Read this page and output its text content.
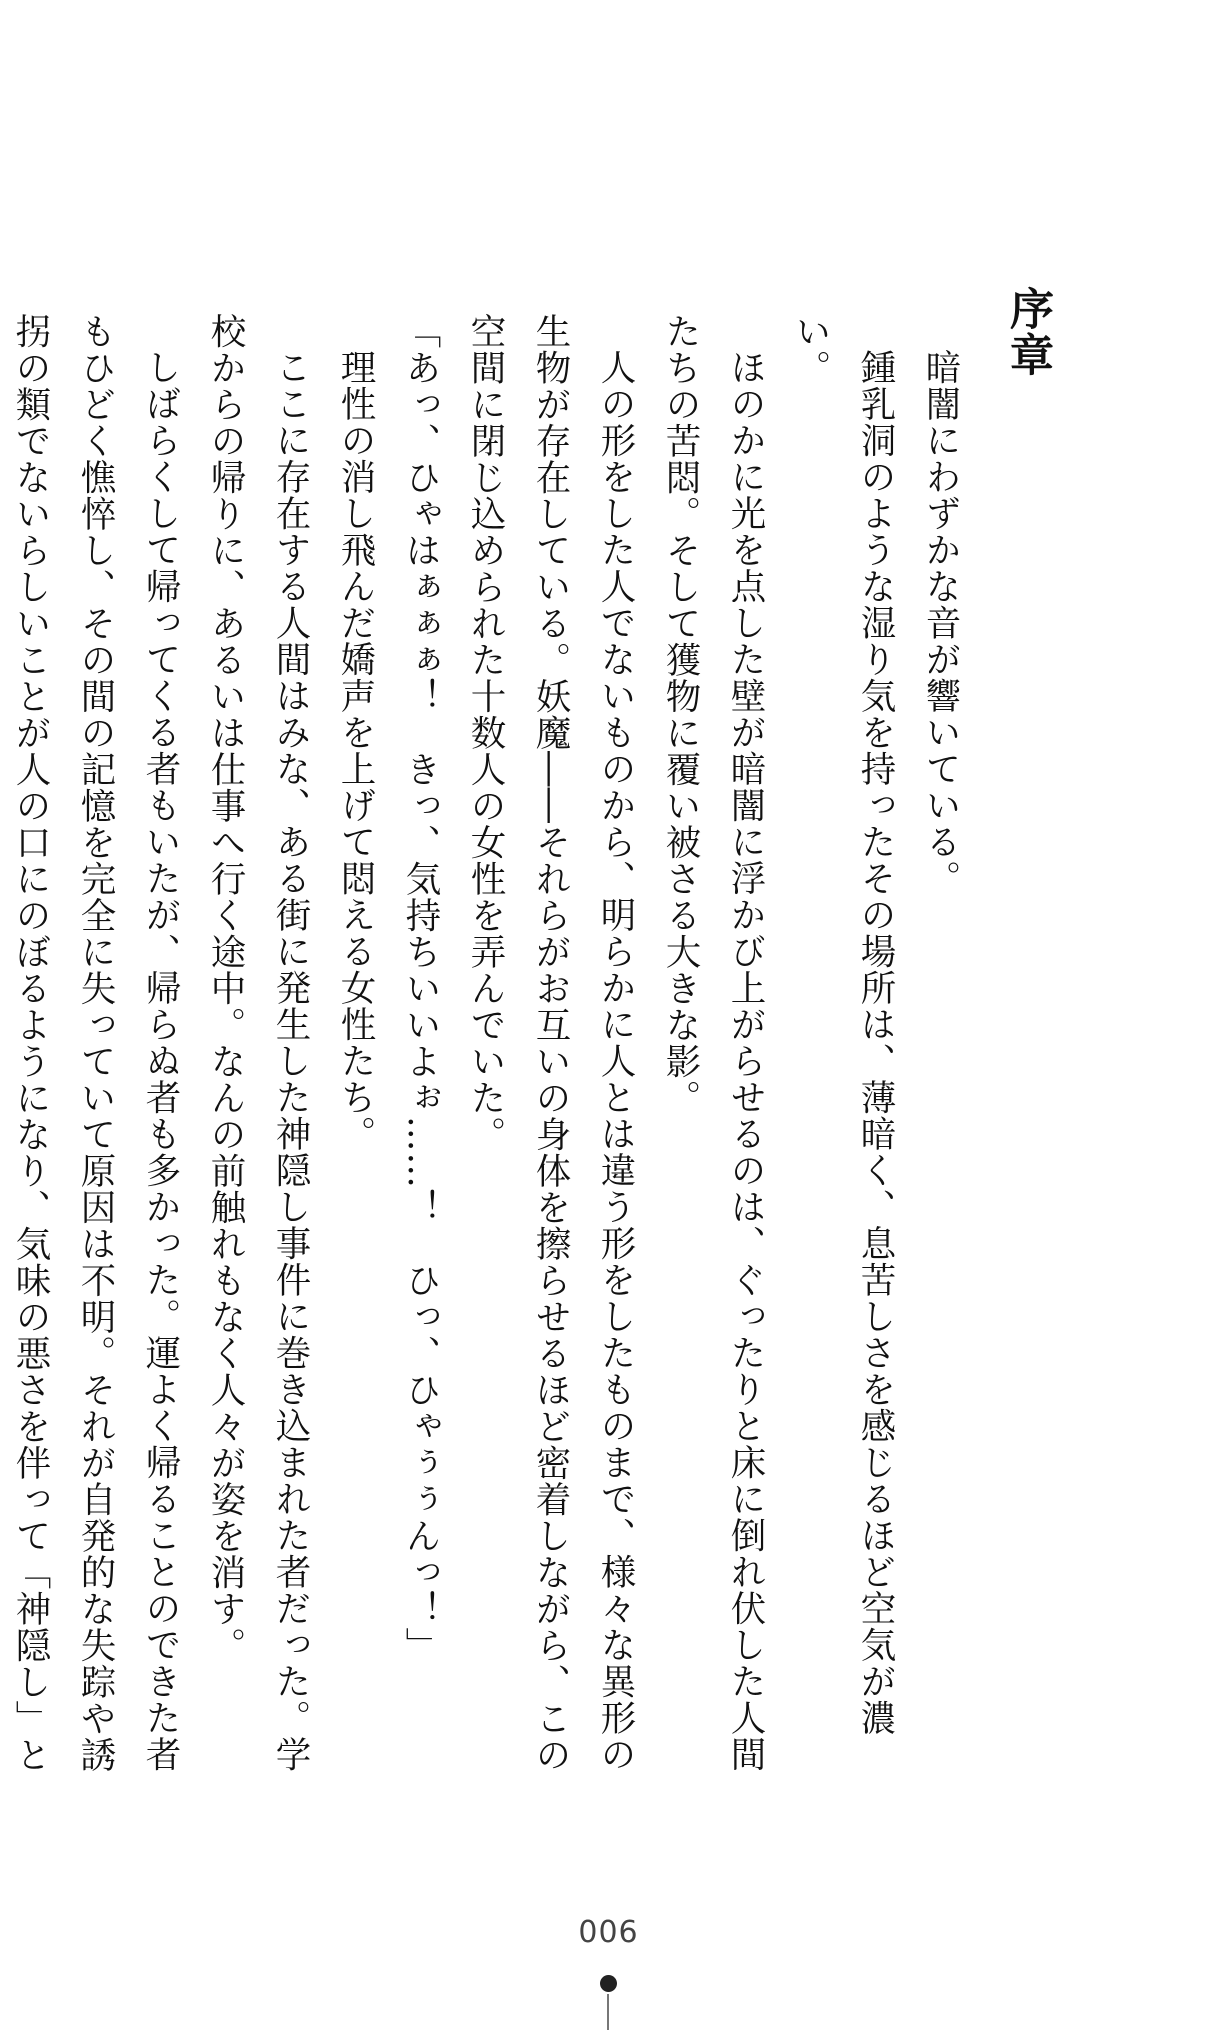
序章

暗闇にわずかな音が響いている。

鍾乳洞のような湿り気を持ったその場所は、薄暗く、息苦しさを感じるほど空気が濃い。

ほのかに光を点した壁が暗闇に浮かび上がらせるのは、ぐったりと床に倒れ伏した人間たちの苦悶。そして獲物に覆い被さる大きな影。

人の形をした人でないものから、明らかに人とは違う形をしたものまで、様々な異形の生物が存在している。妖魔――それらがお互いの身体を擦らせるほど密着しながら、この空間に閉じ込められた十数人の女性を弄んでいた。

「あっ、ひゃはぁぁぁ！　きっ、気持ちいいよぉ……！　ひっ、ひゃぅぅんっ！」

理性の消し飛んだ嬌声を上げて悶える女性たち。

ここに存在する人間はみな、ある街に発生した神隠し事件に巻き込まれた者だった。学校からの帰りに、あるいは仕事へ行く途中。なんの前触れもなく人々が姿を消す。

しばらくして帰ってくる者もいたが、帰らぬ者も多かった。運よく帰ることのできた者もひどく憔悴し、その間の記憶を完全に失っていて原因は不明。それが自発的な失踪や誘拐の類でないらしいことが人の口にのぼるようになり、気味の悪さを伴って「神隠し」と

006
